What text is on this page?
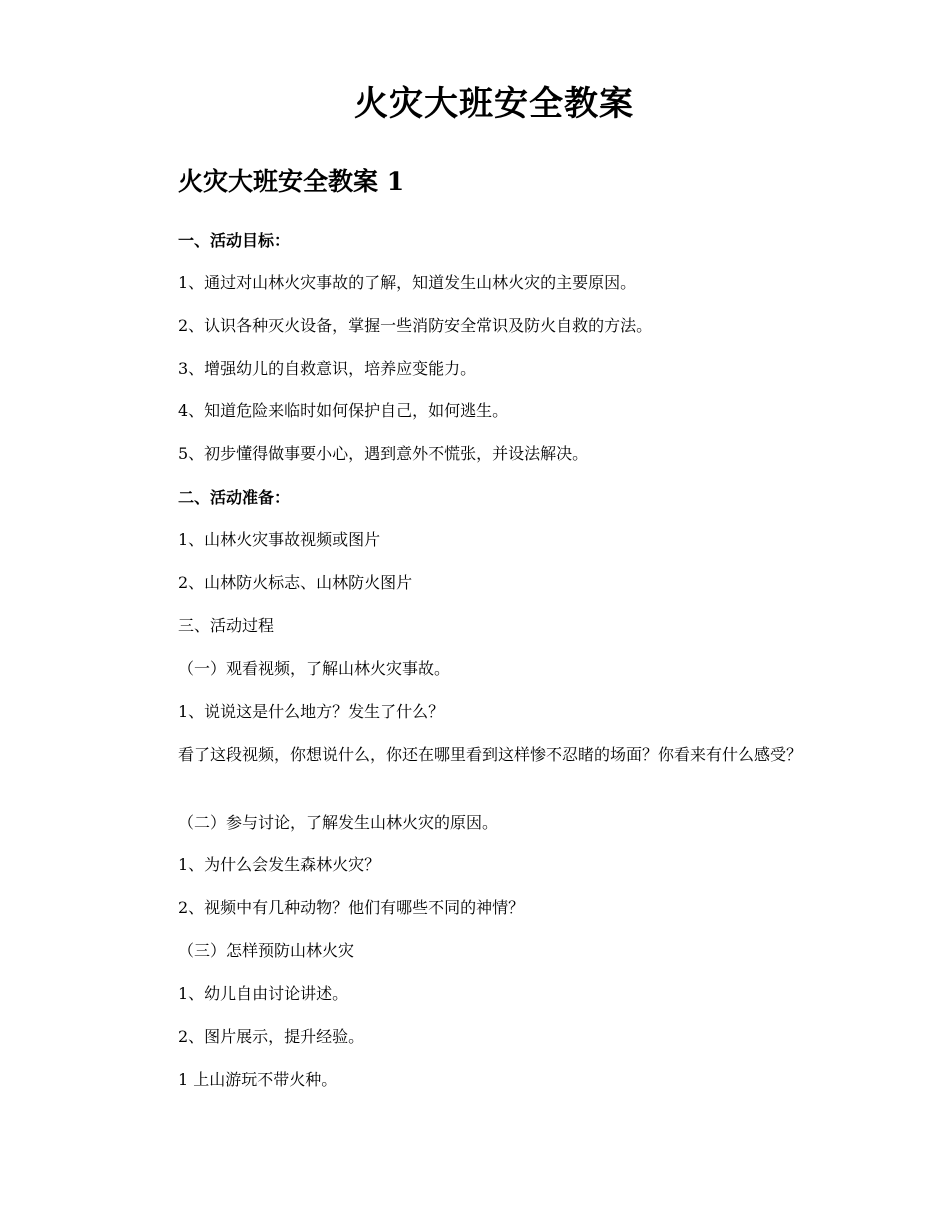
火灾大班安全教案
火灾大班安全教案 1

一、活动目标：

1、通过对山林火灾事故的了解，知道发生山林火灾的主要原因。

2、认识各种灭火设备，掌握一些消防安全常识及防火自救的方法。

3、增强幼儿的自救意识，培养应变能力。

4、知道危险来临时如何保护自己，如何逃生。

5、初步懂得做事要小心，遇到意外不慌张，并设法解决。

二、活动准备：

1、山林火灾事故视频或图片

2、山林防火标志、山林防火图片

三、活动过程

（一）观看视频，了解山林火灾事故。

1、说说这是什么地方？发生了什么？

看了这段视频，你想说什么，你还在哪里看到这样惨不忍睹的场面？你看来有什么感受？

（二）参与讨论，了解发生山林火灾的原因。

1、为什么会发生森林火灾？

2、视频中有几种动物？他们有哪些不同的神情？

（三）怎样预防山林火灾

1、幼儿自由讨论讲述。

2、图片展示，提升经验。

1 上山游玩不带火种。
